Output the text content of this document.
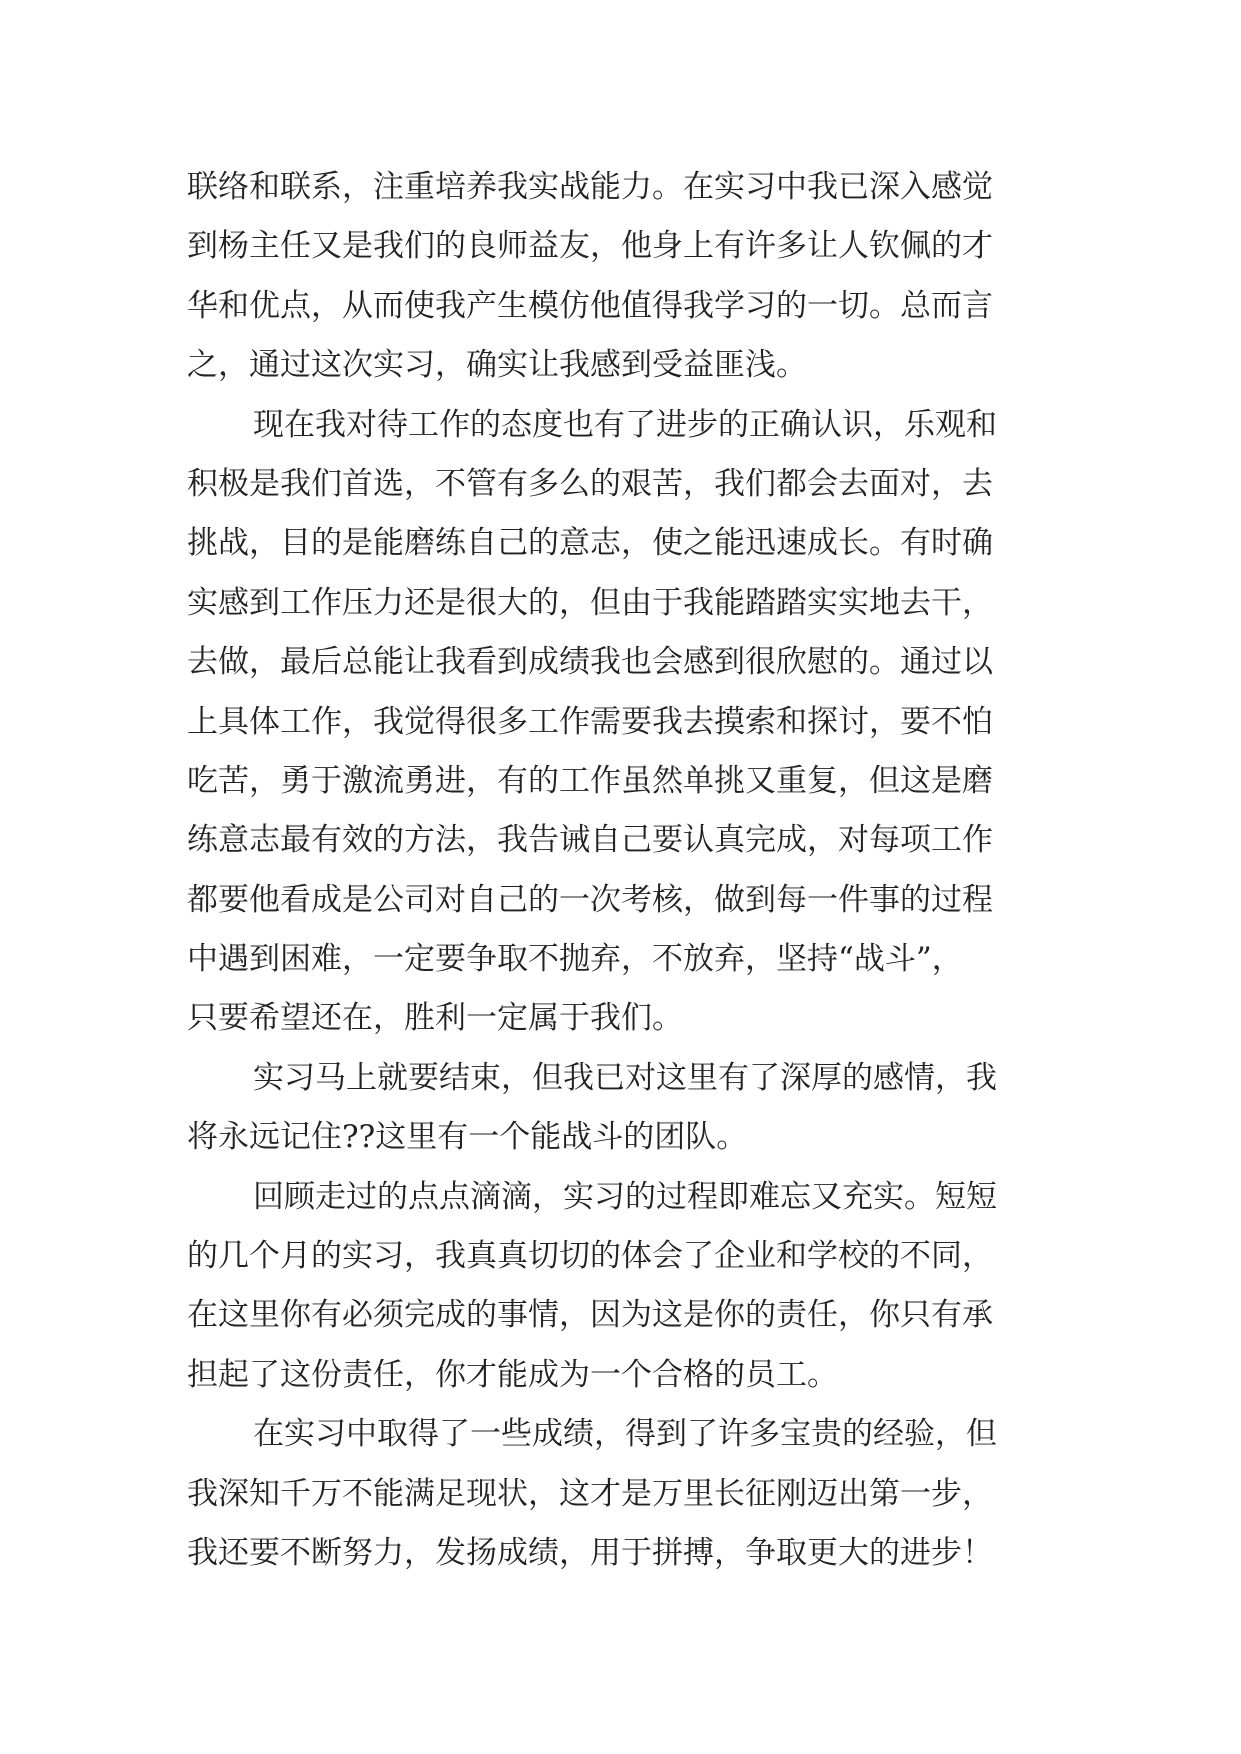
联络和联系，注重培养我实战能力。在实习中我已深入感觉
到杨主任又是我们的良师益友，他身上有许多让人钦佩的才
华和优点，从而使我产生模仿他值得我学习的一切。总而言
之，通过这次实习，确实让我感到受益匪浅。
现在我对待工作的态度也有了进步的正确认识，乐观和
积极是我们首选，不管有多么的艰苦，我们都会去面对，去
挑战，目的是能磨练自己的意志，使之能迅速成长。有时确
实感到工作压力还是很大的，但由于我能踏踏实实地去干，
去做，最后总能让我看到成绩我也会感到很欣慰的。通过以
上具体工作，我觉得很多工作需要我去摸索和探讨，要不怕
吃苦，勇于激流勇进，有的工作虽然单挑又重复，但这是磨
练意志最有效的方法，我告诫自己要认真完成，对每项工作
都要他看成是公司对自己的一次考核，做到每一件事的过程
中遇到困难，一定要争取不抛弃，不放弃，坚持“战斗”，
只要希望还在，胜利一定属于我们。
实习马上就要结束，但我已对这里有了深厚的感情，我
将永远记住??这里有一个能战斗的团队。
回顾走过的点点滴滴，实习的过程即难忘又充实。短短
的几个月的实习，我真真切切的体会了企业和学校的不同，
在这里你有必须完成的事情，因为这是你的责任，你只有承
担起了这份责任，你才能成为一个合格的员工。
在实习中取得了一些成绩，得到了许多宝贵的经验，但
我深知千万不能满足现状，这才是万里长征刚迈出第一步，
我还要不断努力，发扬成绩，用于拼搏，争取更大的进步！
